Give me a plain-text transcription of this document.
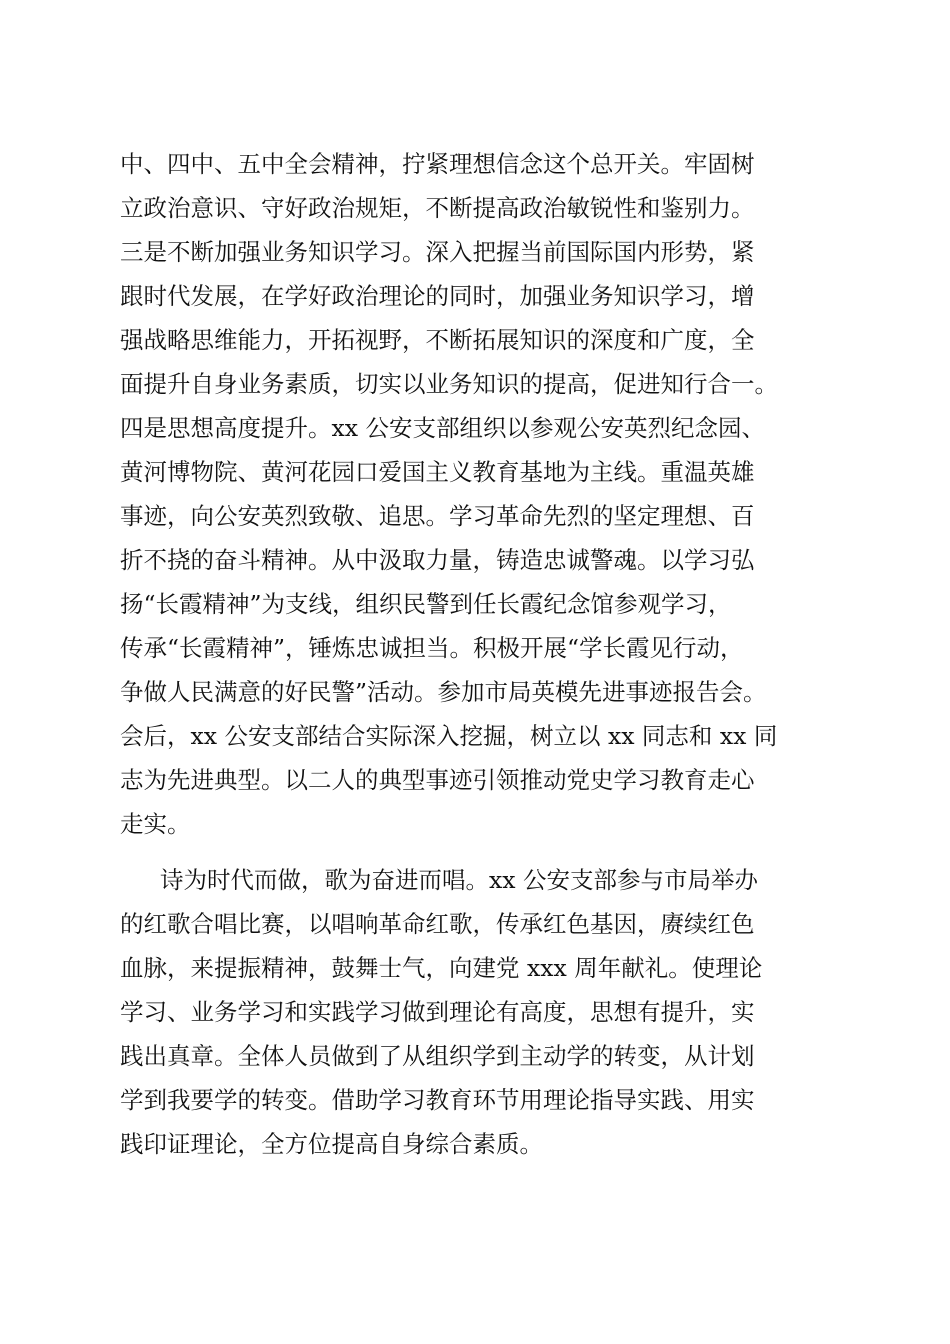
中、四中、五中全会精神，拧紧理想信念这个总开关。牢固树
立政治意识、守好政治规矩，不断提高政治敏锐性和鉴别力。
三是不断加强业务知识学习。深入把握当前国际国内形势，紧
跟时代发展，在学好政治理论的同时，加强业务知识学习，增
强战略思维能力，开拓视野，不断拓展知识的深度和广度，全
面提升自身业务素质，切实以业务知识的提高，促进知行合一。
四是思想高度提升。xx 公安支部组织以参观公安英烈纪念园、
黄河博物院、黄河花园口爱国主义教育基地为主线。重温英雄
事迹，向公安英烈致敬、追思。学习革命先烈的坚定理想、百
折不挠的奋斗精神。从中汲取力量，铸造忠诚警魂。以学习弘
扬“长霞精神”为支线，组织民警到任长霞纪念馆参观学习，
传承“长霞精神”，锤炼忠诚担当。积极开展“学长霞见行动，
争做人民满意的好民警”活动。参加市局英模先进事迹报告会。
会后，xx 公安支部结合实际深入挖掘，树立以 xx 同志和 xx 同
志为先进典型。以二人的典型事迹引领推动党史学习教育走心
走实。
诗为时代而做，歌为奋进而唱。xx 公安支部参与市局举办
的红歌合唱比赛，以唱响革命红歌，传承红色基因，赓续红色
血脉，来提振精神，鼓舞士气，向建党 xxx 周年献礼。使理论
学习、业务学习和实践学习做到理论有高度，思想有提升，实
践出真章。全体人员做到了从组织学到主动学的转变，从计划
学到我要学的转变。借助学习教育环节用理论指导实践、用实
践印证理论，全方位提高自身综合素质。
